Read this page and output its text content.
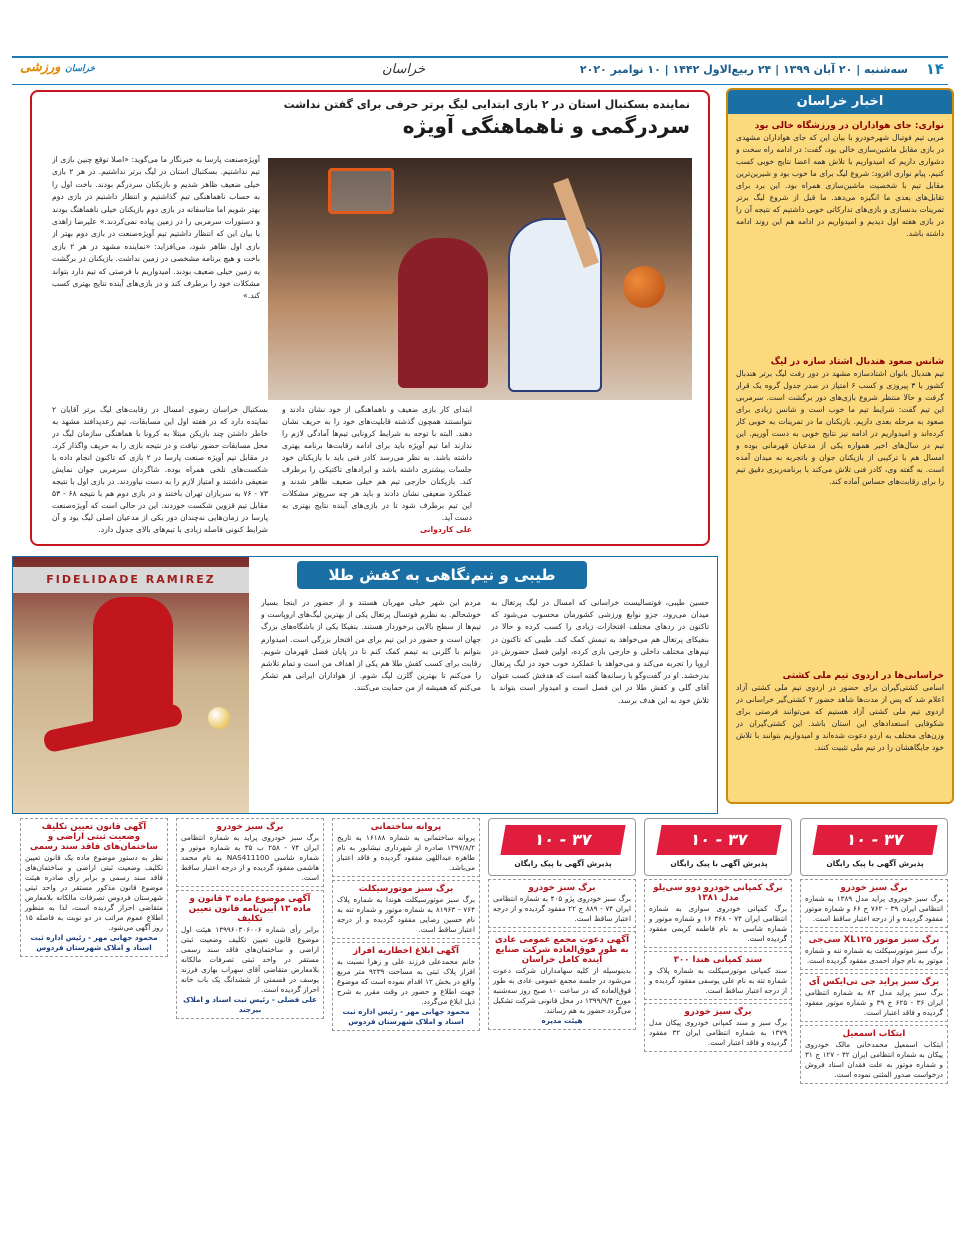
۱۴
سه‌شنبه | ۲۰ آبان ۱۳۹۹ | ۲۴ ربیع‌الاول ۱۴۴۲ | ۱۰ نوامبر ۲۰۲۰
خراسان
خراسان ورزشی
نماینده بسکتبال استان در ۲ بازی ابتدایی لیگ برتر حرفی برای گفتن نداشت
سردرگمی و ناهماهنگی آویژه
ابتدای کار بازی ضعیف و ناهماهنگی از خود نشان دادند و نتوانستند همچون گذشته قابلیت‌های خود را به حریف نشان دهند. البته با توجه به شرایط کرونایی تیم‌ها آمادگی لازم را ندارند اما تیم آویژه باید برای ادامه رقابت‌ها برنامه بهتری داشته باشد. به نظر می‌رسد کادر فنی باید با بازیکنان خود جلسات بیشتری داشته باشد و ایرادهای تاکتیکی را برطرف کند. بازیکنان خارجی تیم هم خیلی ضعیف ظاهر شدند و عملکرد ضعیفی نشان دادند و باید هر چه سریع‌تر مشکلات این تیم برطرف شود تا در بازی‌های آینده نتایج بهتری به دست آید.
علی کاردوانی
بسکتبال خراسان رضوی امسال در رقابت‌های لیگ برتر آقایان ۲ نماینده دارد که در هفته اول این مسابقات، تیم رعدپدافند مشهد به خاطر داشتن چند بازیکن مبتلا به کرونا با هماهنگی سازمان لیگ در محل مسابقات حضور نیافت و در نتیجه بازی را به حریف واگذار کرد. در مقابل تیم آویژه صنعت پارسا در ۲ بازی که تاکنون انجام داده با شکست‌های تلخی همراه بوده. شاگردان سرمربی جوان نمایش ضعیفی داشتند و امتیاز لازم را به دست نیاوردند. در بازی اول با نتیجه ۷۳ - ۷۶ به سربازان تهران باختند و در بازی دوم هم با نتیجه ۶۸ - ۵۳ مقابل تیم قزوین شکست خوردند. این در حالی است که آویژه‌صنعت پارسا در زمان‌هایی نه‌چندان دور یکی از مدعیان اصلی لیگ بود و آن شرایط کنونی فاصله زیادی با تیم‌های بالای جدول دارد.
آویژه‌صنعت پارسا به خبرنگار ما می‌گوید: «اصلا توقع چنین بازی از تیم نداشتیم. بسکتبال استان در لیگ برتر نداشتیم. در هر ۲ بازی خیلی ضعیف ظاهر شدیم و بازیکنان سردرگم بودند. باخت اول را به حساب ناهماهنگی تیم گذاشتیم و انتظار داشتیم در بازی دوم بهتر شویم اما متاسفانه در بازی دوم بازیکنان خیلی ناهماهنگ بودند و دستورات سرمربی را در زمین پیاده نمی‌کردند.» علیرضا زاهدی با بیان این که انتظار داشتیم تیم آویژه‌صنعت در بازی دوم بهتر از بازی اول ظاهر شود، می‌افزاید: «نماینده مشهد در هر ۲ بازی باخت و هیچ برنامه مشخصی در زمین نداشت. بازیکنان در برگشت به زمین خیلی ضعیف بودند. امیدواریم با فرصتی که تیم دارد بتواند مشکلات خود را برطرف کند و در بازی‌های آینده نتایج بهتری کسب کند.»
اخبار خراسان
نواری: جای هواداران در ورزشگاه خالی بود
مربی تیم فوتبال شهرخودرو با بیان این که جای هواداران مشهدی در بازی مقابل ماشین‌سازی خالی بود، گفت: در ادامه راه سخت و دشواری داریم که امیدواریم با تلاش همه اعضا نتایج خوبی کسب کنیم. پیام نواری افزود: شروع لیگ برای ما خوب بود و شیرین‌ترین مقابل تیم با شخصیت ماشین‌سازی همراه بود. این برد برای تقابل‌های بعدی ما انگیزه می‌دهد. ما قبل از شروع لیگ برتر تمرینات بدنسازی و بازی‌های تدارکاتی خوبی داشتیم که نتیجه آن را در بازی هفته اول دیدیم و امیدواریم در ادامه هم این روند ادامه داشته باشد.
شانس صعود هندبال اشتاد سازه در لیگ
تیم هندبال بانوان اشتادسازه مشهد در دور رفت لیگ برتر هندبال کشور با ۳ پیروزی و کسب ۶ امتیاز در صدر جدول گروه یک قرار گرفت و حالا منتظر شروع بازی‌های دور برگشت است. سرمربی این تیم گفت: شرایط تیم ما خوب است و شانس زیادی برای صعود به مرحله بعدی داریم. بازیکنان ما در تمرینات به خوبی کار کرده‌اند و امیدواریم در ادامه نیز نتایج خوبی به دست آوریم. این تیم در سال‌های اخیر همواره یکی از مدعیان قهرمانی بوده و امسال هم با ترکیبی از بازیکنان جوان و باتجربه به میدان آمده است. به گفته وی، کادر فنی تلاش می‌کند با برنامه‌ریزی دقیق تیم را برای رقابت‌های حساس آماده کند.
خراسانی‌ها در اردوی تیم ملی کشتی
اسامی کشتی‌گیران برای حضور در اردوی تیم ملی کشتی آزاد اعلام شد که پس از مدت‌ها شاهد حضور ۲ کشتی‌گیر خراسانی در اردوی تیم ملی کشتی آزاد هستیم که می‌توانند فرصتی برای شکوفایی استعدادهای این استان باشد. این کشتی‌گیران در وزن‌های مختلف به اردو دعوت شده‌اند و امیدواریم بتوانند با تلاش خود جایگاهشان را در تیم ملی تثبیت کنند.
FIDELIDADE RAMIREZ	طیبی و نیم‌نگاهی به کفش طلا
حسین طیبی، فوتسالیست خراسانی که امسال در لیگ پرتغال به میدان می‌رود، جزو نوابغ ورزشی کشورمان محسوب می‌شود که تاکنون در ردهای مختلف افتخارات زیادی را کسب کرده و حالا در بنفیکای پرتغال هم می‌خواهد به تیمش کمک کند. طیبی که تاکنون در تیم‌های مختلف داخلی و خارجی بازی کرده، اولین فصل حضورش در اروپا را تجربه می‌کند و می‌خواهد با عملکرد خوب خود در لیگ پرتغال بدرخشد. او در گفت‌وگو با رسانه‌ها گفته است که هدفش کسب عنوان آقای گلی و کفش طلا در این فصل است و امیدوار است بتواند با تلاش خود به این هدف برسد.
مردم این شهر خیلی مهربان هستند و از حضور در اینجا بسیار خوشحالم. به نظرم فوتسال پرتغال یکی از بهترین لیگ‌های اروپاست و تیم‌ها از سطح بالایی برخوردار هستند. بنفیکا یکی از باشگاه‌های بزرگ جهان است و حضور در این تیم برای من افتخار بزرگی است. امیدوارم بتوانم با گلزنی به تیمم کمک کنم تا در پایان فصل قهرمان شویم. رقابت برای کسب کفش طلا هم یکی از اهداف من است و تمام تلاشم را می‌کنم تا بهترین گلزن لیگ شوم. از هواداران ایرانی هم تشکر می‌کنم که همیشه از من حمایت می‌کنند.
۳۷ - ۱۰
پذیرش آگهی با پیک رایگان
برگ سبز خودرو
برگ سبز خودروی پراید مدل ۱۳۸۹ به شماره انتظامی ایران ۳۹ - ۷۶۲ ج ۶۶ و شماره موتور مفقود گردیده و از درجه اعتبار ساقط است.
برگ سبز موتور XL۱۲۵ سی‌جی
برگ سبز موتورسیکلت به شماره تنه و شماره موتور به نام جواد احمدی مفقود گردیده است.
برگ سبز پراید جی تی‌ایکس آی
برگ سبز پراید مدل ۸۴ به شماره انتظامی ایران ۳۶ - ۶۲۵ ج ۳۹ و شماره موتور مفقود گردیده و فاقد اعتبار است.
ابتکاب اسمعیل
ابتکاب اسمعیل محمدخانی مالک خودروی پیکان به شماره انتظامی ایران ۴۲ - ۱۲۷ ج ۳۱ و شماره موتور به علت فقدان اسناد فروش درخواست صدور المثنی نموده است.
۳۷ - ۱۰
پذیرش آگهی با پیک رایگان
برگ کمپانی خودرو دوو سی‌یلو مدل ۱۳۸۱
برگ کمپانی خودروی سواری به شماره انتظامی ایران ۷۴ - ۳۶۸ ۱۶ و شماره موتور و شماره شاسی به نام فاطمه کریمی مفقود گردیده است.
سند کمپانی هندا ۳۰۰
سند کمپانی موتورسیکلت به شماره پلاک و شماره تنه به نام علی یوسفی مفقود گردیده و از درجه اعتبار ساقط است.
برگ سبز خودرو
برگ سبز و سند کمپانی خودروی پیکان مدل ۱۳۷۹ به شماره انتظامی ایران ۳۲ مفقود گردیده و فاقد اعتبار است.
۳۷ - ۱۰
پذیرش آگهی با پیک رایگان
برگ سبز خودرو
برگ سبز خودروی پژو ۴۰۵ به شماره انتظامی ایران ۷۴ - ۸۸۹ ج ۲۲ مفقود گردیده و از درجه اعتبار ساقط است.
آگهی دعوت مجمع عمومی عادی به طور فوق‌العاده شرکت صنایع آینده کامل خراسان
بدینوسیله از کلیه سهامداران شرکت دعوت می‌شود در جلسه مجمع عمومی عادی به طور فوق‌العاده که در ساعت ۱۰ صبح روز سه‌شنبه مورخ ۱۳۹۹/۹/۴ در محل قانونی شرکت تشکیل می‌گردد حضور به هم رسانند.
هیئت مدیره
پروانه ساختمانی
پروانه ساختمانی به شماره ۱۶۱۸۸ به تاریخ ۱۳۹۷/۸/۲ صادره از شهرداری نیشابور به نام طاهره عبداللهی مفقود گردیده و فاقد اعتبار می‌باشد.
برگ سبز موتورسیکلت
برگ سبز موتورسیکلت هوندا به شماره پلاک ۷۶۴ - ۸۱۹۶۳ به شماره موتور و شماره تنه به نام حسین رضایی مفقود گردیده و از درجه اعتبار ساقط است.
آگهی ابلاغ اخطاریه افراز
خانم محمدعلی فرزند علی و زهرا نسبت به افراز پلاک ثبتی به مساحت ۹۲۳۹ متر مربع واقع در بخش ۱۲ اقدام نموده است که موضوع جهت اطلاع و حضور در وقت مقرر به شرح ذیل ابلاغ می‌گردد.
محمود جهانی مهر - رئیس اداره ثبت اسناد و املاک شهرستان فردوس
برگ سبز خودرو
برگ سبز خودروی پراید به شماره انتظامی ایران ۷۴ - ۲۵۸ ب ۳۵ به شماره موتور و شماره شاسی NAS411100 به نام محمد هاشمی مفقود گردیده و از درجه اعتبار ساقط است.
آگهی موضوع ماده ۳ قانون و ماده ۱۳ آیین‌نامه قانون تعیین تکلیف
برابر رأی شماره ۱۳۹۹۶۰۳۰۶۰۰۶ هیئت اول موضوع قانون تعیین تکلیف وضعیت ثبتی اراضی و ساختمان‌های فاقد سند رسمی مستقر در واحد ثبتی تصرفات مالکانه بلامعارض متقاضی آقای سهراب بهاری فرزند یوسف در قسمتی از ششدانگ یک باب خانه احراز گردیده است.
علی فضلی - رئیس ثبت اسناد و املاک بیرجند
آگهی قانون تعیین تکلیف وضعیت ثبتی اراضی و ساختمان‌های فاقد سند رسمی
نظر به دستور موضوع ماده یک قانون تعیین تکلیف وضعیت ثبتی اراضی و ساختمان‌های فاقد سند رسمی و برابر رأی صادره هیئت موضوع قانون مذکور مستقر در واحد ثبتی شهرستان فردوس تصرفات مالکانه بلامعارض متقاضی احراز گردیده است، لذا به منظور اطلاع عموم مراتب در دو نوبت به فاصله ۱۵ روز آگهی می‌شود.
محمود جهانی مهر - رئیس اداره ثبت اسناد و املاک شهرستان فردوس
